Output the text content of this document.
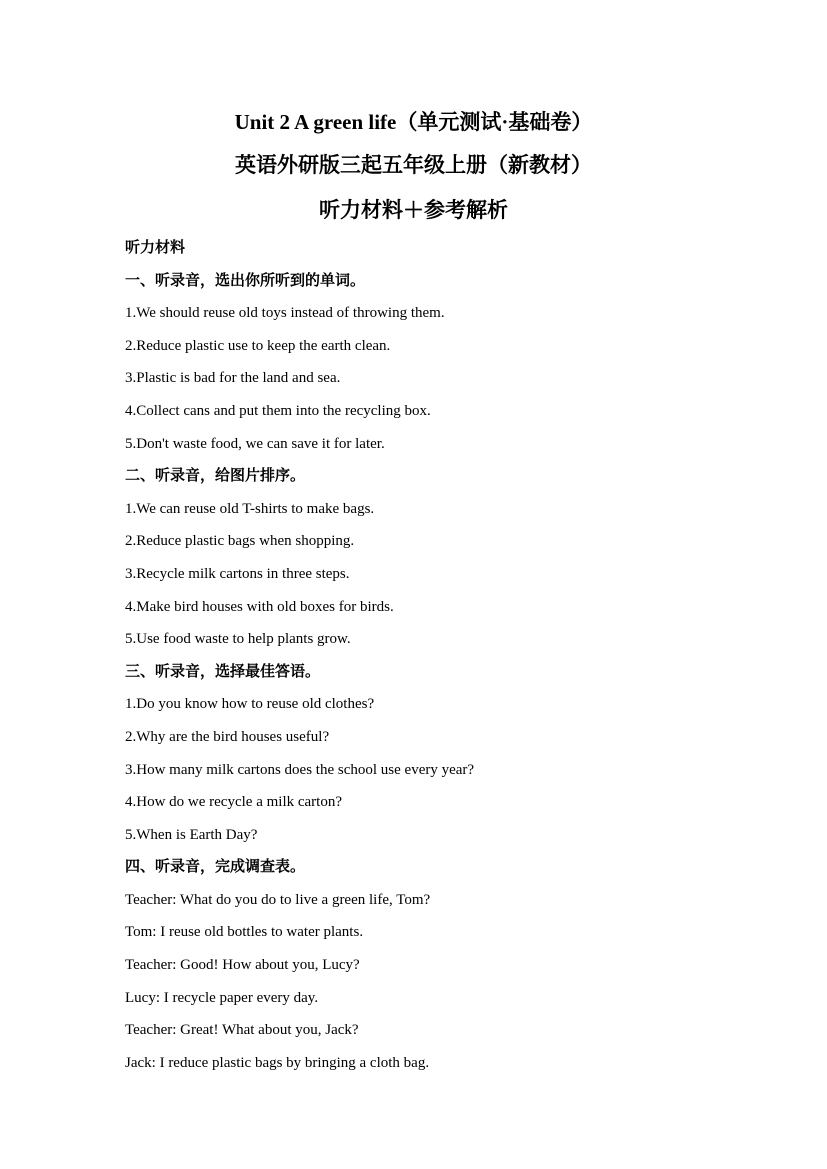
Unit 2 A green life（单元测试·基础卷）
英语外研版三起五年级上册（新教材）
听力材料＋参考解析
听力材料
一、听录音，选出你所听到的单词。
1.We should reuse old toys instead of throwing them.
2.Reduce plastic use to keep the earth clean.
3.Plastic is bad for the land and sea.
4.Collect cans and put them into the recycling box.
5.Don't waste food, we can save it for later.
二、听录音，给图片排序。
1.We can reuse old T-shirts to make bags.
2.Reduce plastic bags when shopping.
3.Recycle milk cartons in three steps.
4.Make bird houses with old boxes for birds.
5.Use food waste to help plants grow.
三、听录音，选择最佳答语。
1.Do you know how to reuse old clothes?
2.Why are the bird houses useful?
3.How many milk cartons does the school use every year?
4.How do we recycle a milk carton?
5.When is Earth Day?
四、听录音，完成调查表。
Teacher: What do you do to live a green life, Tom?
Tom: I reuse old bottles to water plants.
Teacher: Good! How about you, Lucy?
Lucy: I recycle paper every day.
Teacher: Great! What about you, Jack?
Jack: I reduce plastic bags by bringing a cloth bag.
